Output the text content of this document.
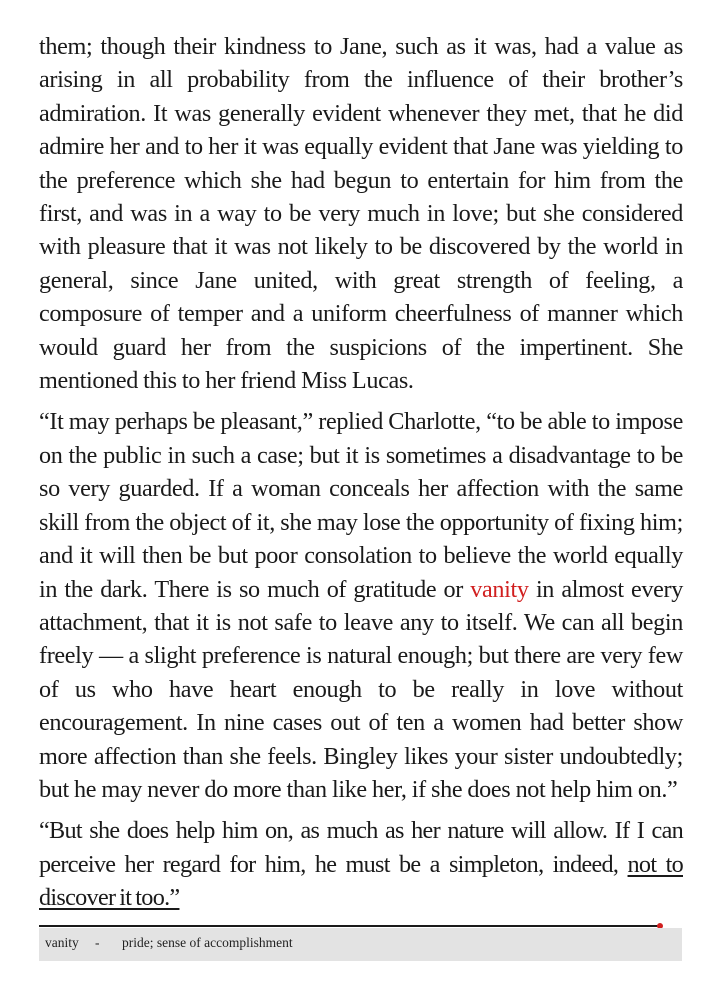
them; though their kindness to Jane, such as it was, had a value as arising in all probability from the influence of their brother’s admiration. It was generally evident whenever they met, that he did admire her and to her it was equally evident that Jane was yielding to the preference which she had begun to entertain for him from the first, and was in a way to be very much in love; but she considered with pleasure that it was not likely to be discovered by the world in general, since Jane united, with great strength of feeling, a composure of temper and a uniform cheerfulness of manner which would guard her from the suspicions of the impertinent. She mentioned this to her friend Miss Lucas.

“It may perhaps be pleasant,” replied Charlotte, “to be able to impose on the public in such a case; but it is sometimes a disadvantage to be so very guarded. If a woman conceals her affection with the same skill from the object of it, she may lose the opportunity of fixing him; and it will then be but poor consolation to believe the world equally in the dark. There is so much of gratitude or vanity in almost every attachment, that it is not safe to leave any to itself. We can all begin freely — a slight preference is natural enough; but there are very few of us who have heart enough to be really in love without encouragement. In nine cases out of ten a women had better show more affection than she feels. Bingley likes your sister undoubtedly; but he may never do more than like her, if she does not help him on.”

“But she does help him on, as much as her nature will allow. If I can perceive her regard for him, he must be a simpleton, indeed, not to discover it too.”

vanity	-	pride; sense of accomplishment
